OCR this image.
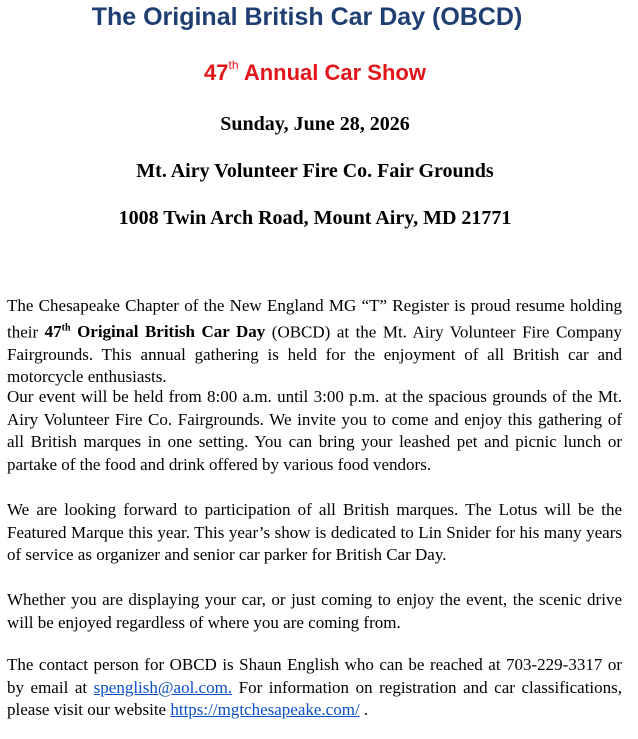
The Original British Car Day (OBCD)
47th Annual Car Show
Sunday, June 28, 2026
Mt. Airy Volunteer Fire Co. Fair Grounds
1008 Twin Arch Road, Mount Airy, MD 21771
The Chesapeake Chapter of the New England MG “T” Register is proud resume holding their 47th Original British Car Day (OBCD) at the Mt. Airy Volunteer Fire Company Fairgrounds. This annual gathering is held for the enjoyment of all British car and motorcycle enthusiasts.
Our event will be held from 8:00 a.m. until 3:00 p.m. at the spacious grounds of the Mt. Airy Volunteer Fire Co. Fairgrounds. We invite you to come and enjoy this gathering of all British marques in one setting. You can bring your leashed pet and picnic lunch or partake of the food and drink offered by various food vendors.
We are looking forward to participation of all British marques. The Lotus will be the Featured Marque this year. This year’s show is dedicated to Lin Snider for his many years of service as organizer and senior car parker for British Car Day.
Whether you are displaying your car, or just coming to enjoy the event, the scenic drive will be enjoyed regardless of where you are coming from.
The contact person for OBCD is Shaun English who can be reached at 703-229-3317 or by email at spenglish@aol.com. For information on registration and car classifications, please visit our website https://mgtchesapeake.com/ .
